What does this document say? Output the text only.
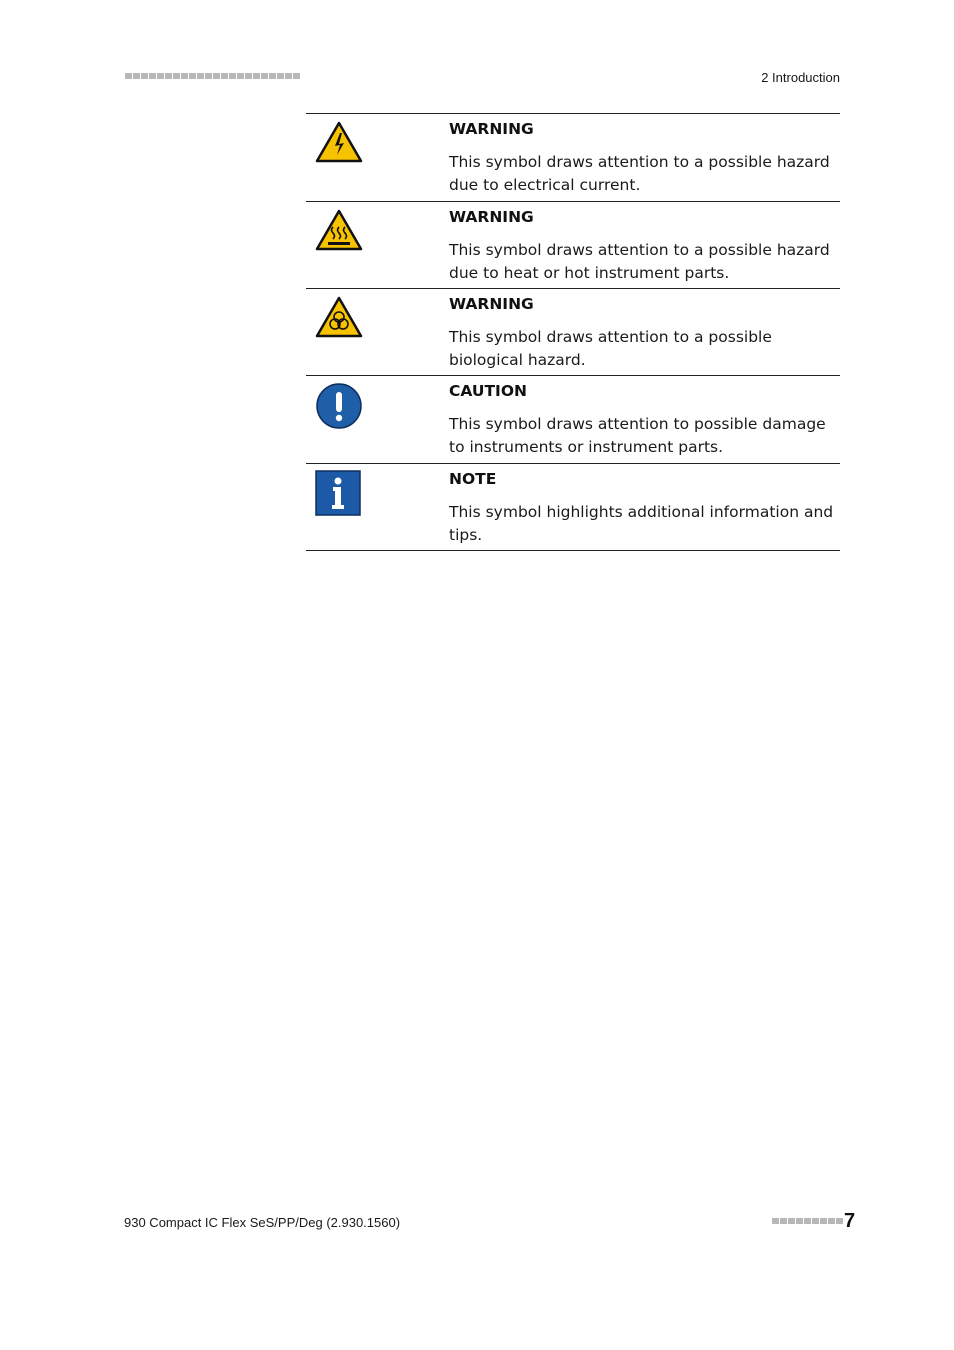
2 Introduction
WARNING
This symbol draws attention to a possible hazard due to electrical current.
WARNING
This symbol draws attention to a possible hazard due to heat or hot instrument parts.
WARNING
This symbol draws attention to a possible biological hazard.
CAUTION
This symbol draws attention to possible damage to instruments or instrument parts.
NOTE
This symbol highlights additional information and tips.
930 Compact IC Flex SeS/PP/Deg (2.930.1560)	7
